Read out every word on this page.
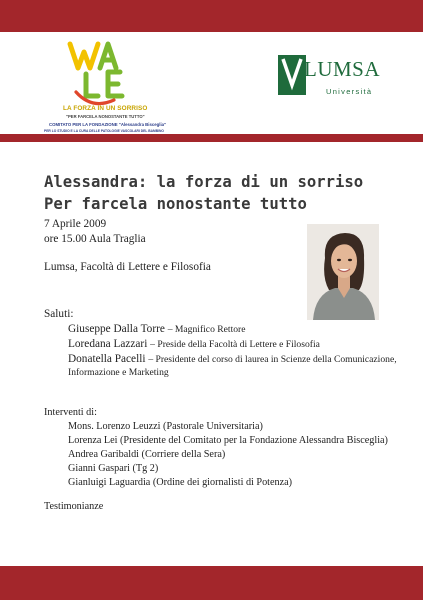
LA FORZA IN UN SORRISO
"PER FARCELA NONOSTANTE TUTTO"
COMITATO PER LA FONDAZIONE "Alessandra Bisceglia"
PER LO STUDIO E LA CURA DELLE PATOLOGIE VASCOLARI DEL BAMBINO
LUMSA
Università
Alessandra: la forza di un sorriso
Per farcela nonostante tutto
7 Aprile 2009
ore 15.00 Aula Traglia
Lumsa, Facoltà di Lettere e Filosofia
Saluti:
Giuseppe Dalla Torre – Magnifico Rettore
Loredana Lazzari – Preside della Facoltà di Lettere e Filosofia
Donatella Pacelli – Presidente del corso di laurea in Scienze della Comunicazione,
Informazione e Marketing
Interventi di:
Mons. Lorenzo Leuzzi (Pastorale Universitaria)
Lorenza Lei (Presidente del Comitato per la Fondazione Alessandra Bisceglia)
Andrea Garibaldi (Corriere della Sera)
Gianni Gaspari (Tg 2)
Gianluigi Laguardia (Ordine dei giornalisti di Potenza)
Testimonianze
